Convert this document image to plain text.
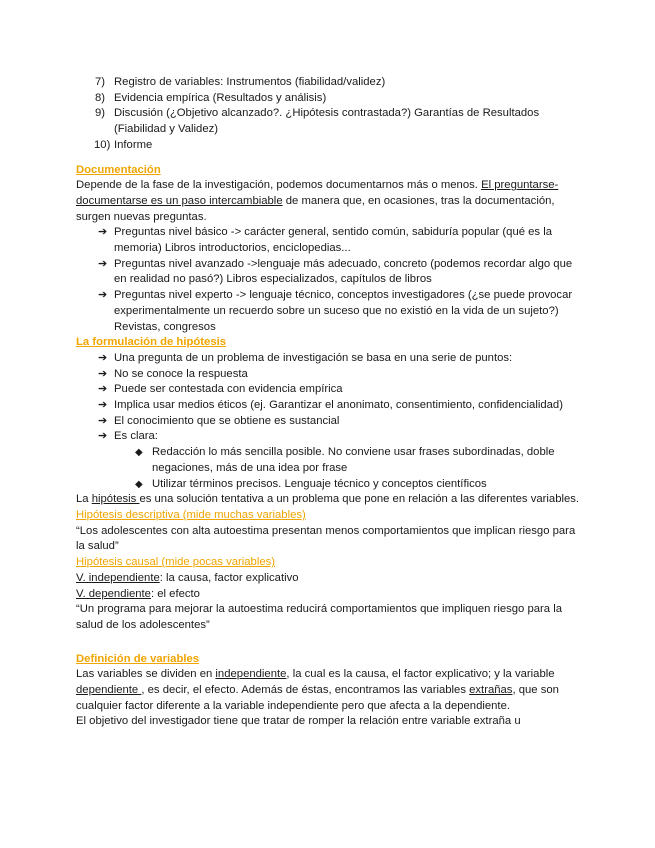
7) Registro de variables: Instrumentos (fiabilidad/validez)

8) Evidencia empírica (Resultados y análisis)

9) Discusión (¿Objetivo alcanzado?. ¿Hipótesis contrastada?) Garantías de Resultados (Fiabilidad y Validez)

10) Informe

Documentación

Depende de la fase de la investigación, podemos documentarnos más o menos. El preguntarse-documentarse es un paso intercambiable de manera que, en ocasiones, tras la documentación, surgen nuevas preguntas.

➔ Preguntas nivel básico -> carácter general, sentido común, sabiduría popular (qué es la memoria) Libros introductorios, enciclopedias...

➔ Preguntas nivel avanzado ->lenguaje más adecuado, concreto (podemos recordar algo que en realidad no pasó?) Libros especializados, capítulos de libros

➔ Preguntas nivel experto -> lenguaje técnico, conceptos investigadores (¿se puede provocar experimentalmente un recuerdo sobre un suceso que no existió en la vida de un sujeto?) Revistas, congresos

La formulación de hipótesis

➔ Una pregunta de un problema de investigación se basa en una serie de puntos:

➔ No se conoce la respuesta

➔ Puede ser contestada con evidencia empírica

➔ Implica usar medios éticos (ej. Garantizar el anonimato, consentimiento, confidencialidad)

➔ El conocimiento que se obtiene es sustancial

➔ Es clara:

◆ Redacción lo más sencilla posible. No conviene usar frases subordinadas, doble negaciones, más de una idea por frase

◆ Utilizar términos precisos. Lenguaje técnico y conceptos científicos

La hipótesis es una solución tentativa a un problema que pone en relación a las diferentes variables.

Hipótesis descriptiva (mide muchas variables)

“Los adolescentes con alta autoestima presentan menos comportamientos que implican riesgo para la salud”

Hipótesis causal (mide pocas variables)

V. independiente: la causa, factor explicativo

V. dependiente: el efecto

“Un programa para mejorar la autoestima reducirá comportamientos que impliquen riesgo para la salud de los adolescentes”

Definición de variables

Las variables se dividen en independiente, la cual es la causa, el factor explicativo; y la variable dependiente , es decir, el efecto. Además de éstas, encontramos las variables extrañas, que son cualquier factor diferente a la variable independiente pero que afecta a la dependiente.

El objetivo del investigador tiene que tratar de romper la relación entre variable extraña u
